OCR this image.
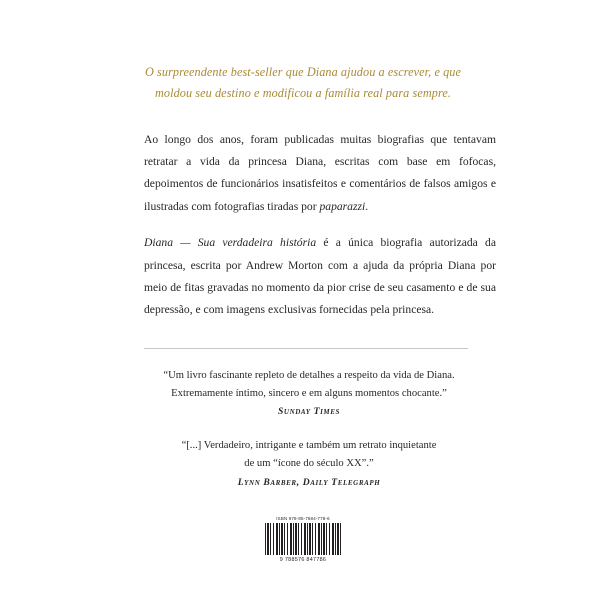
O surpreendente best-seller que Diana ajudou a escrever, e que
moldou seu destino e modificou a família real para sempre.

Ao longo dos anos, foram publicadas muitas biografias que tentavam retratar a vida da princesa Diana, escritas com base em fofocas, depoimentos de funcionários insatisfeitos e comentários de falsos amigos e ilustradas com fotografias tiradas por paparazzi.

Diana — Sua verdadeira história é a única biografia autorizada da princesa, escrita por Andrew Morton com a ajuda da própria Diana por meio de fitas gravadas no momento da pior crise de seu casamento e de sua depressão, e com imagens exclusivas fornecidas pela princesa.

“Um livro fascinante repleto de detalhes a respeito da vida de Diana.

Extremamente íntimo, sincero e em alguns momentos chocante.”

Sunday Times

“[...] Verdadeiro, intrigante e também um retrato inquietante

de um “ícone do século XX”.”

Lynn Barber, Daily Telegraph
ISBN 978-85-7684-778-6
9 788576 847786
